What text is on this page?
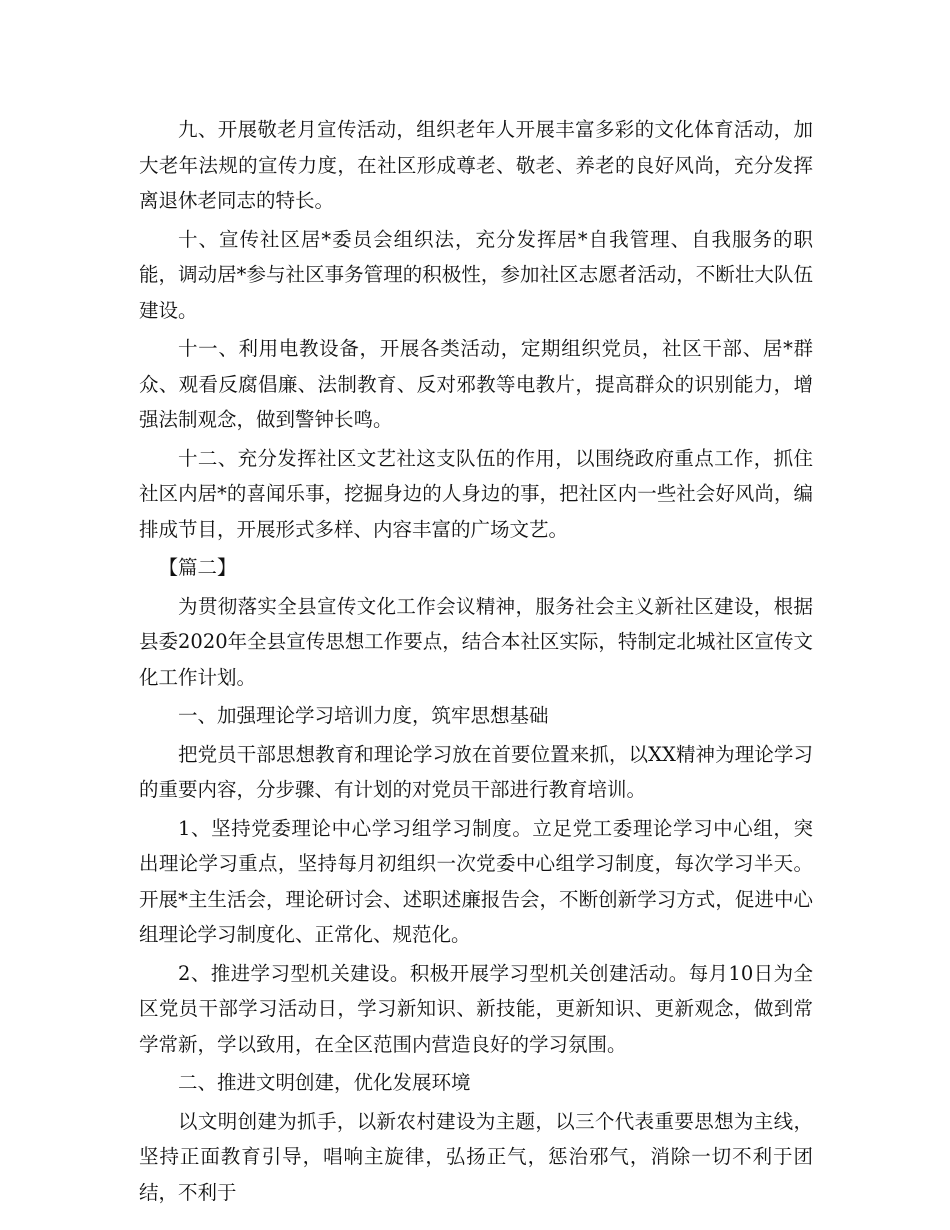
九、开展敬老月宣传活动，组织老年人开展丰富多彩的文化体育活动，加大老年法规的宣传力度，在社区形成尊老、敬老、养老的良好风尚，充分发挥离退休老同志的特长。

十、宣传社区居*委员会组织法，充分发挥居*自我管理、自我服务的职能，调动居*参与社区事务管理的积极性，参加社区志愿者活动，不断壮大队伍建设。

十一、利用电教设备，开展各类活动，定期组织党员，社区干部、居*群众、观看反腐倡廉、法制教育、反对邪教等电教片，提高群众的识别能力，增强法制观念，做到警钟长鸣。

十二、充分发挥社区文艺社这支队伍的作用，以围绕政府重点工作，抓住社区内居*的喜闻乐事，挖掘身边的人身边的事，把社区内一些社会好风尚，编排成节目，开展形式多样、内容丰富的广场文艺。

【篇二】

为贯彻落实全县宣传文化工作会议精神，服务社会主义新社区建设，根据县委2020年全县宣传思想工作要点，结合本社区实际，特制定北城社区宣传文化工作计划。

一、加强理论学习培训力度，筑牢思想基础

把党员干部思想教育和理论学习放在首要位置来抓，以XX精神为理论学习的重要内容，分步骤、有计划的对党员干部进行教育培训。

1、坚持党委理论中心学习组学习制度。立足党工委理论学习中心组，突出理论学习重点，坚持每月初组织一次党委中心组学习制度，每次学习半天。开展*主生活会，理论研讨会、述职述廉报告会，不断创新学习方式，促进中心组理论学习制度化、正常化、规范化。

2、推进学习型机关建设。积极开展学习型机关创建活动。每月10日为全区党员干部学习活动日，学习新知识、新技能，更新知识、更新观念，做到常学常新，学以致用，在全区范围内营造良好的学习氛围。

二、推进文明创建，优化发展环境

以文明创建为抓手，以新农村建设为主题，以三个代表重要思想为主线，坚持正面教育引导，唱响主旋律，弘扬正气，惩治邪气，消除一切不利于团结，不利于
